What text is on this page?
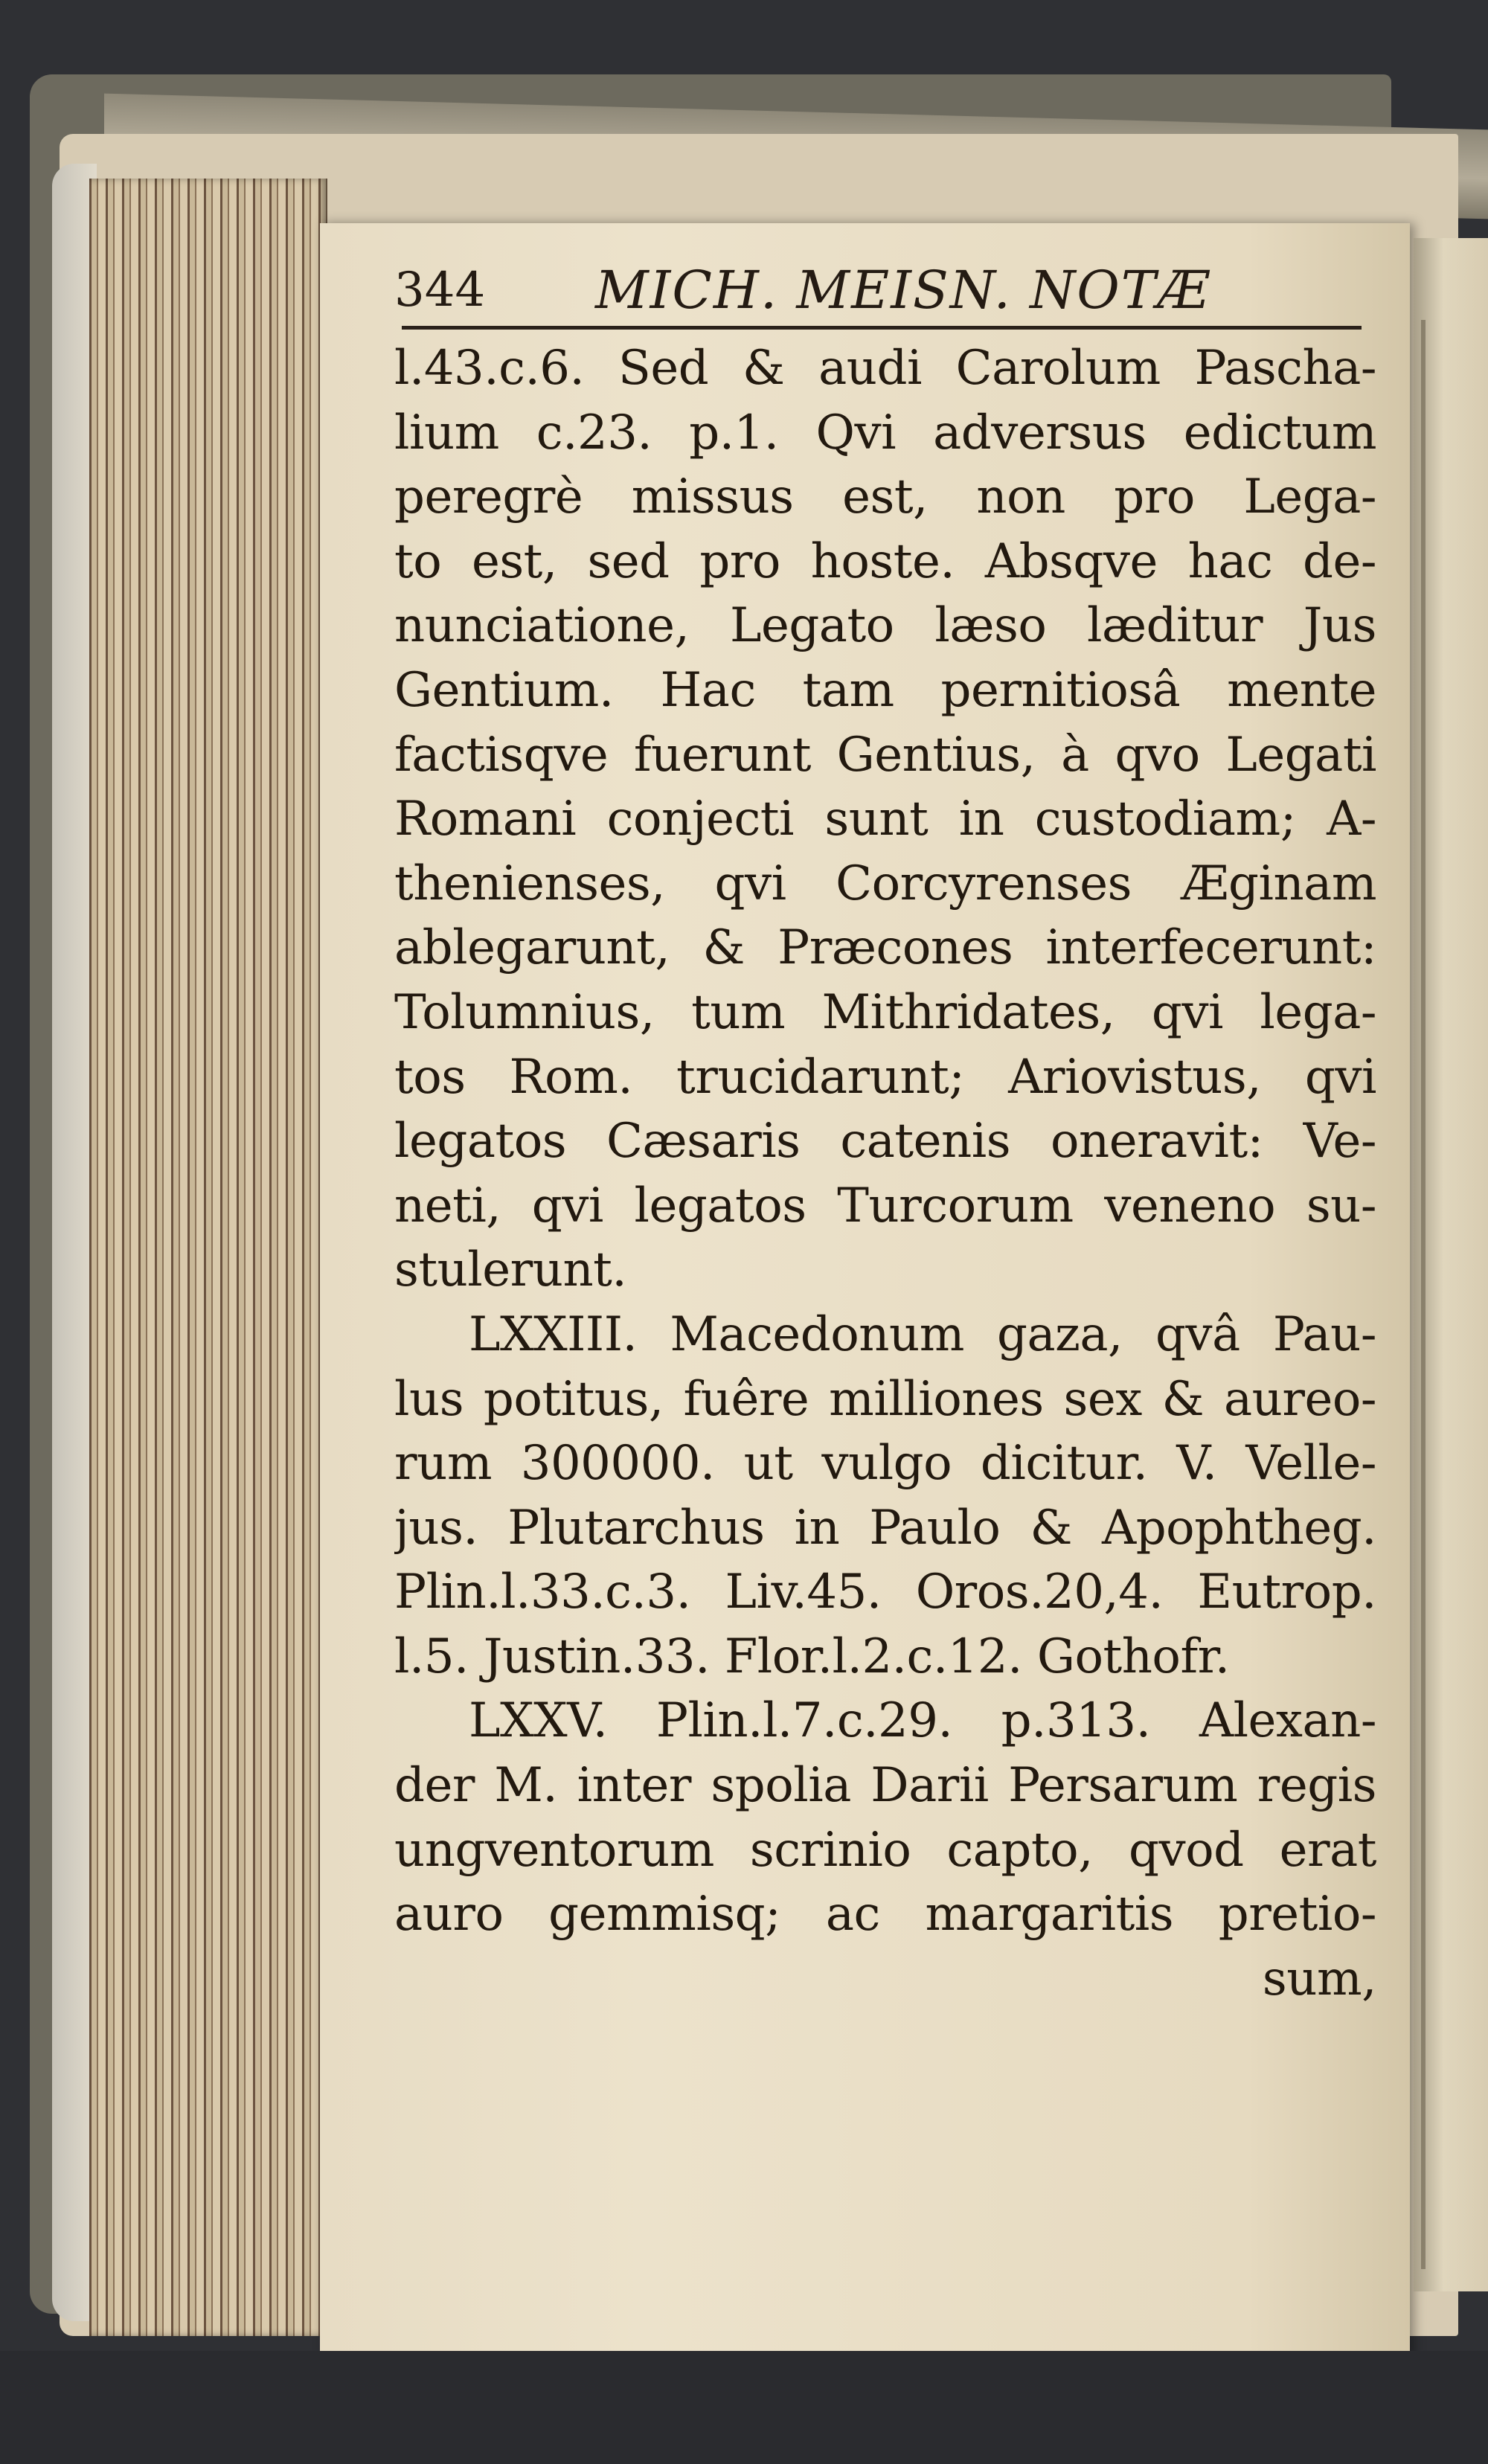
344 MICH. MEISN. NOTÆ
l.43.c.6. Sed & audi Carolum Pascha-
lium c.23. p.1. Qvi adversus edictum
peregrè missus est, non pro Lega-
to est, sed pro hoste. Absqve hac de-
nunciatione, Legato læso læditur Jus
Gentium. Hac tam pernitiosâ mente
factisqve fuerunt Gentius, à qvo Legati
Romani conjecti sunt in custodiam; A-
thenienses, qvi Corcyrenses Æginam
ablegarunt, & Præcones interfecerunt:
Tolumnius, tum Mithridates, qvi lega-
tos Rom. trucidarunt; Ariovistus, qvi
legatos Cæsaris catenis oneravit: Ve-
neti, qvi legatos Turcorum veneno su-
stulerunt.
LXXIII. Macedonum gaza, qvâ Pau-
lus potitus, fuêre milliones sex & aureo-
rum 300000. ut vulgo dicitur. V. Velle-
jus. Plutarchus in Paulo & Apophtheg.
Plin.l.33.c.3. Liv.45. Oros.20,4. Eutrop.
l.5. Justin.33. Flor.l.2.c.12. Gothofr.
LXXV. Plin.l.7.c.29. p.313. Alexan-
der M. inter spolia Darii Persarum regis
ungventorum scrinio capto, qvod erat
auro gemmisq; ac margaritis pretio-
sum,
